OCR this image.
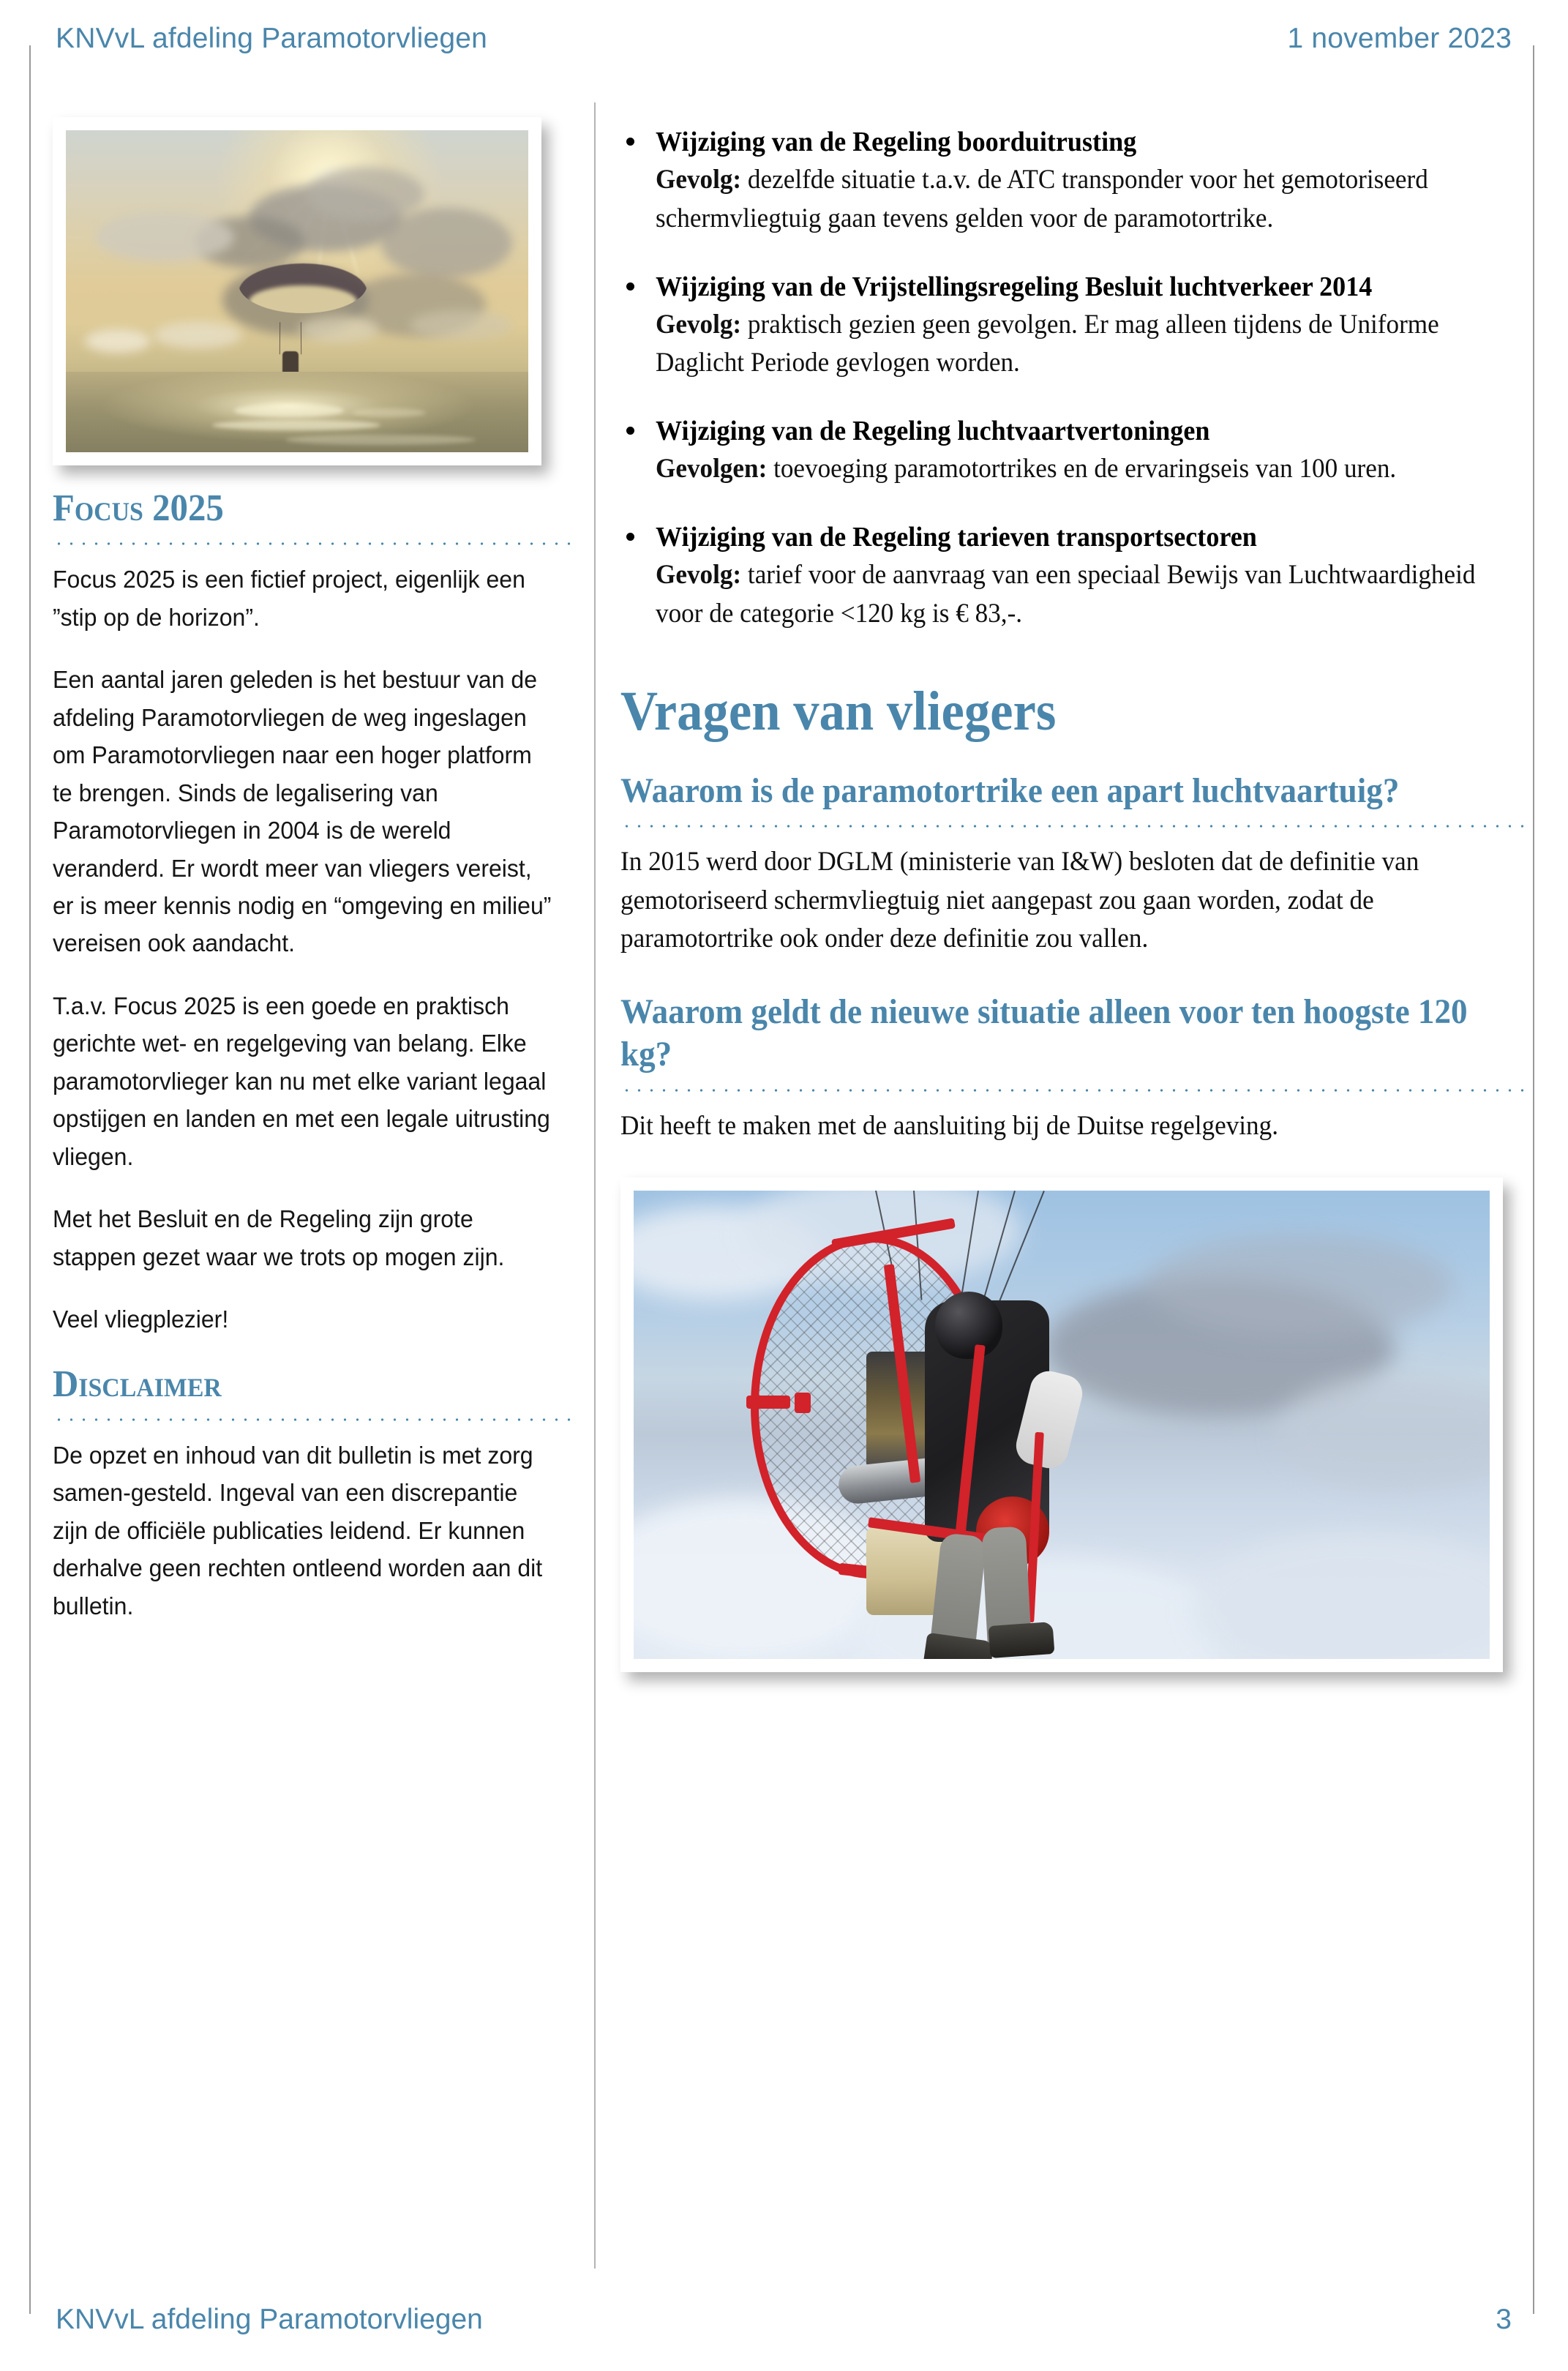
KNVvL afdeling Paramotorvliegen	1 november 2023
Focus 2025
Focus 2025 is een fictief project, eigenlijk een ”stip op de horizon”.
Een aantal jaren geleden is het bestuur van de afdeling Paramotorvliegen de weg ingeslagen om Paramotorvliegen naar een hoger platform te brengen. Sinds de legalisering van Paramotorvliegen in 2004 is de wereld veranderd. Er wordt meer van vliegers vereist, er is meer kennis nodig en “omgeving en milieu” vereisen ook aandacht.
T.a.v. Focus 2025 is een goede en praktisch gerichte wet- en regelgeving van belang. Elke paramotorvlieger kan nu met elke variant legaal opstijgen en landen en met een legale uitrusting vliegen.
Met het Besluit en de Regeling zijn grote stappen gezet waar we trots op mogen zijn.
Veel vliegplezier!
Disclaimer
De opzet en inhoud van dit bulletin is met zorg samen-gesteld. Ingeval van een discrepantie zijn de officiële publicaties leidend. Er kunnen derhalve geen rechten ontleend worden aan dit bulletin.
Wijziging van de Regeling boorduitrusting
Gevolg: dezelfde situatie t.a.v. de ATC transponder voor het gemotoriseerd schermvliegtuig gaan tevens gelden voor de paramotortrike.
Wijziging van de Vrijstellingsregeling Besluit luchtverkeer 2014
Gevolg: praktisch gezien geen gevolgen. Er mag alleen tijdens de Uniforme Daglicht Periode gevlogen worden.
Wijziging van de Regeling luchtvaartvertoningen
Gevolgen: toevoeging paramotortrikes en de ervaringseis van 100 uren.
Wijziging van de Regeling tarieven transportsectoren
Gevolg: tarief voor de aanvraag van een speciaal Bewijs van Luchtwaardigheid voor de categorie <120 kg is € 83,-.
Vragen van vliegers
Waarom is de paramotortrike een apart luchtvaartuig?
In 2015 werd door DGLM (ministerie van I&W) besloten dat de definitie van gemotoriseerd schermvliegtuig niet aangepast zou gaan worden, zodat de paramotortrike ook onder deze definitie zou vallen.
Waarom geldt de nieuwe situatie alleen voor ten hoogste 120 kg?
Dit heeft te maken met de aansluiting bij de Duitse regelgeving.
KNVvL afdeling Paramotorvliegen	3
